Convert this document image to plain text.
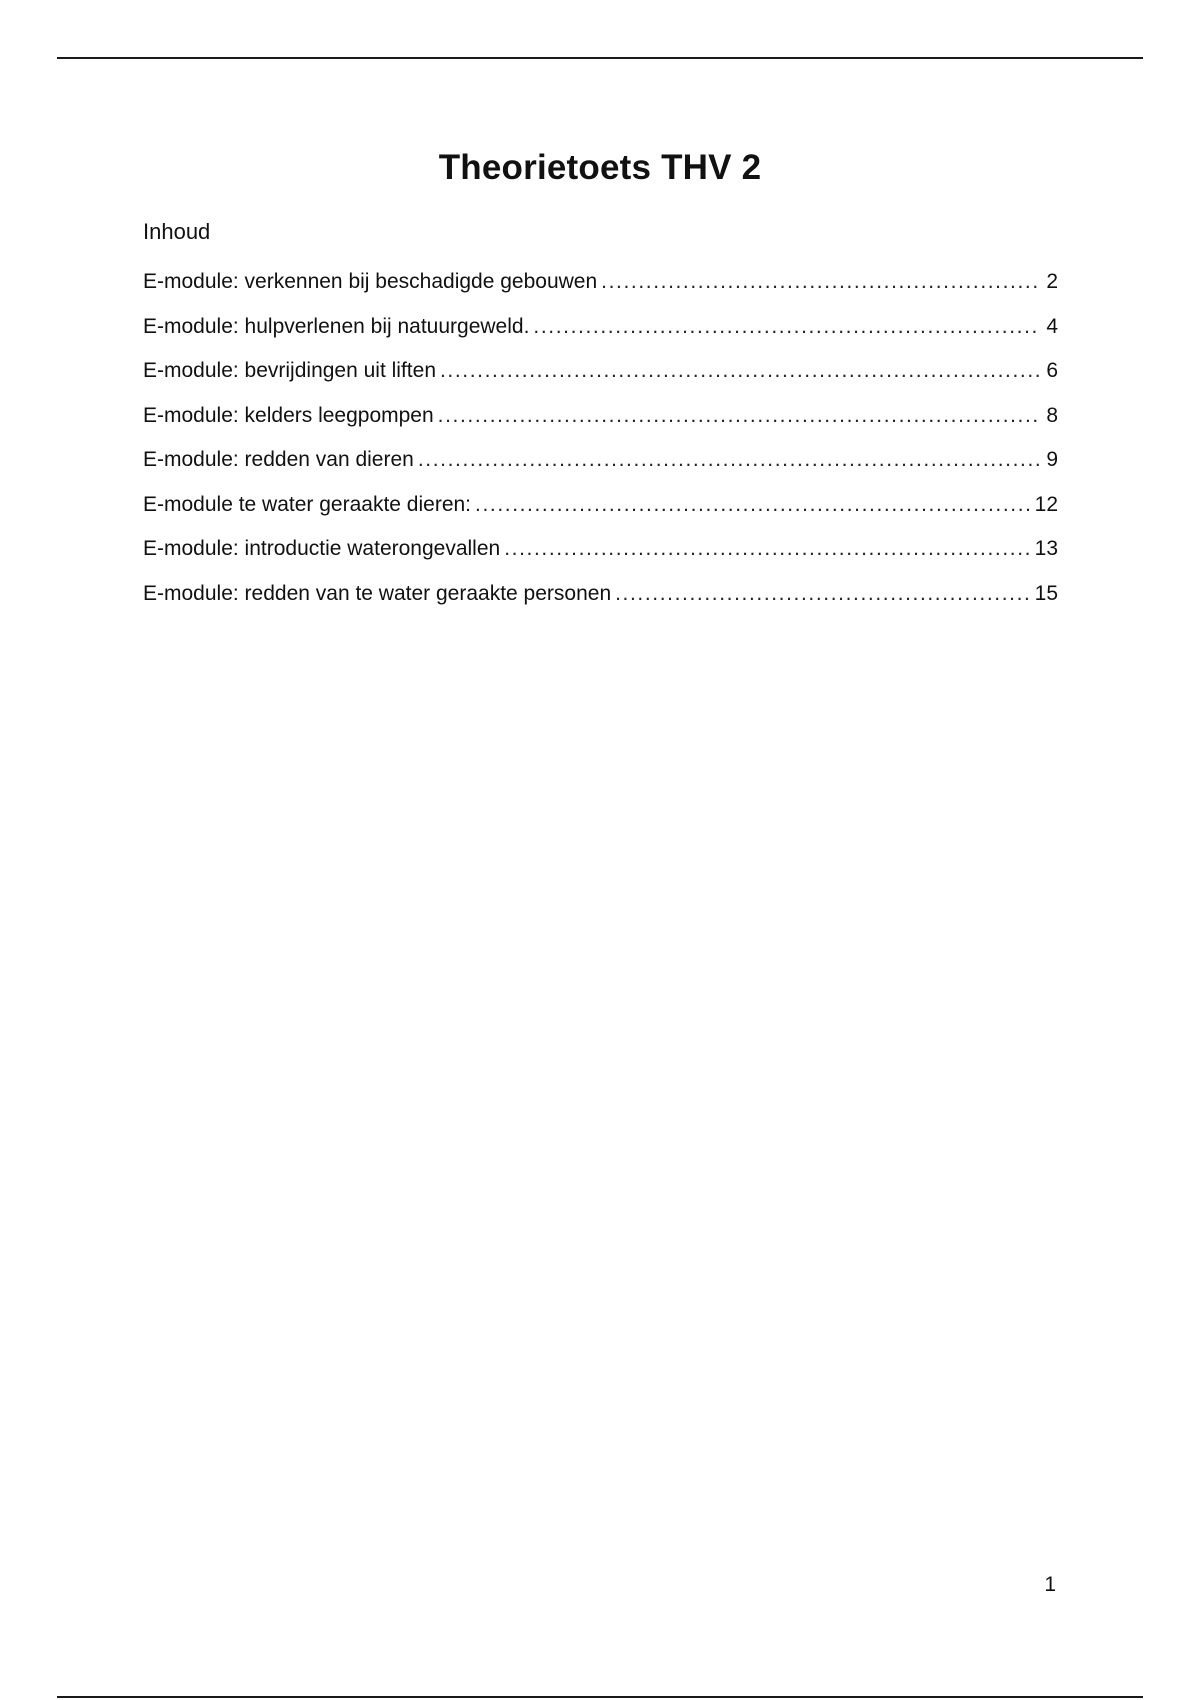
Theorietoets THV 2
Inhoud
E-module: verkennen bij beschadigde gebouwen .....	2
E-module: hulpverlenen bij natuurgeweld. .....	4
E-module: bevrijdingen uit liften .....	6
E-module: kelders leegpompen .....	8
E-module: redden van dieren .....	9
E-module te water geraakte dieren: .....	12
E-module: introductie waterongevallen .....	13
E-module: redden van te water geraakte personen .....	15
1
